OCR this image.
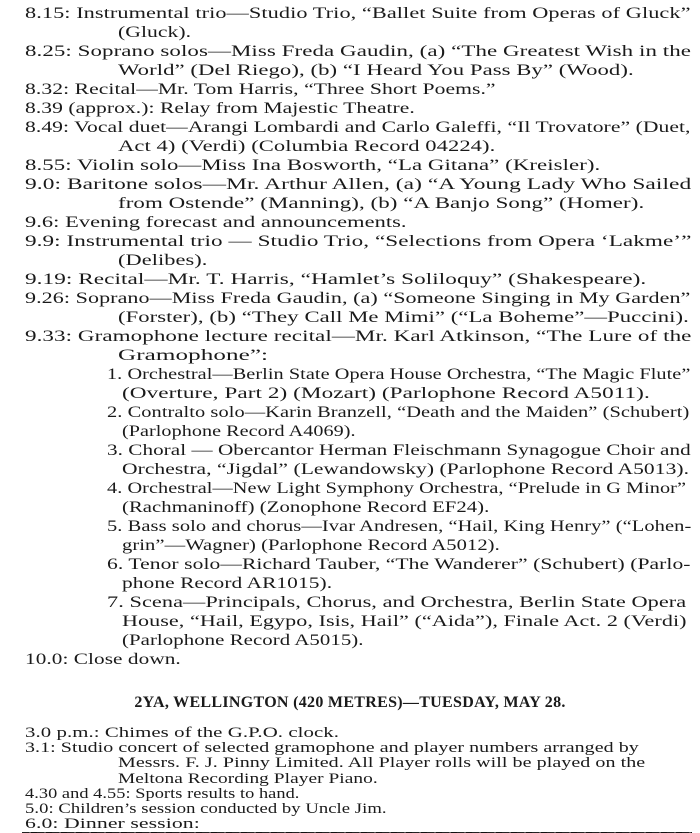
8.15: Instrumental trio—Studio Trio, “Ballet Suite from Operas of Gluck”
(Gluck).
8.25: Soprano solos—Miss Freda Gaudin, (a) “The Greatest Wish in the
World” (Del Riego), (b) “I Heard You Pass By” (Wood).
8.32: Recital—Mr. Tom Harris, “Three Short Poems.”
8.39 (approx.): Relay from Majestic Theatre.
8.49: Vocal duet—Arangi Lombardi and Carlo Galeffi, “Il Trovatore” (Duet,
Act 4) (Verdi) (Columbia Record 04224).
8.55: Violin solo—Miss Ina Bosworth, “La Gitana” (Kreisler).
9.0: Baritone solos—Mr. Arthur Allen, (a) “A Young Lady Who Sailed
from Ostende” (Manning), (b) “A Banjo Song” (Homer).
9.6: Evening forecast and announcements.
9.9: Instrumental trio — Studio Trio, “Selections from Opera ‘Lakme’”
(Delibes).
9.19: Recital—Mr. T. Harris, “Hamlet’s Soliloquy” (Shakespeare).
9.26: Soprano—Miss Freda Gaudin, (a) “Someone Singing in My Garden”
(Forster), (b) “They Call Me Mimi” (“La Boheme”—Puccini).
9.33: Gramophone lecture recital—Mr. Karl Atkinson, “The Lure of the
Gramophone”:
1. Orchestral—Berlin State Opera House Orchestra, “The Magic Flute”
(Overture, Part 2) (Mozart) (Parlophone Record A5011).
2. Contralto solo—Karin Branzell, “Death and the Maiden” (Schubert)
(Parlophone Record A4069).
3. Choral — Obercantor Herman Fleischmann Synagogue Choir and
Orchestra, “Jigdal” (Lewandowsky) (Parlophone Record A5013).
4. Orchestral—New Light Symphony Orchestra, “Prelude in G Minor”
(Rachmaninoff) (Zonophone Record EF24).
5. Bass solo and chorus—Ivar Andresen, “Hail, King Henry” (“Lohen-
grin”—Wagner) (Parlophone Record A5012).
6. Tenor solo—Richard Tauber, “The Wanderer” (Schubert) (Parlo-
phone Record AR1015).
7. Scena—Principals, Chorus, and Orchestra, Berlin State Opera
House, “Hail, Egypo, Isis, Hail” (“Aida”), Finale Act. 2 (Verdi)
(Parlophone Record A5015).
10.0: Close down.
2YA, WELLINGTON (420 METRES)—TUESDAY, MAY 28.
3.0 p.m.: Chimes of the G.P.O. clock.
3.1: Studio concert of selected gramophone and player numbers arranged by
Messrs. F. J. Pinny Limited. All Player rolls will be played on the
Meltona Recording Player Piano.
4.30 and 4.55: Sports results to hand.
5.0: Children’s session conducted by Uncle Jim.
6.0: Dinner session:
